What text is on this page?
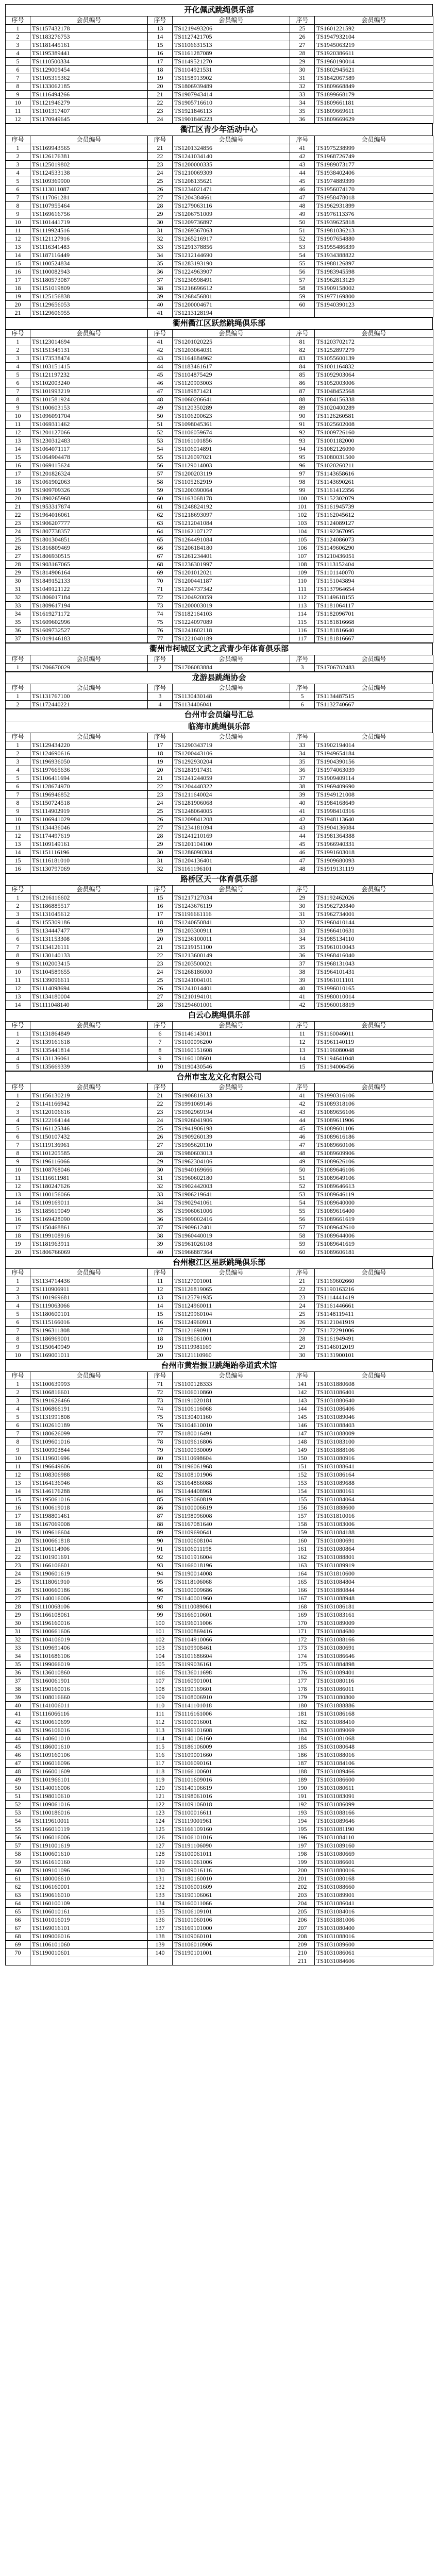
开化佩武跳绳俱乐部
序号	会员编号	序号	会员编号	序号	会员编号
1	TS1157432178	13	TS1219493206	25	TS1601221592
2	TS1183276753	14	TS1127421705	26	TS1947932104
3	TS1181445161	15	TS1106631513	27	TS1945063219
4	TS1195389441	16	TS1161287089	28	TS1920386611
5	TS1110500334	17	TS1149521270	29	TS1960190014
6	TS1129009454	18	TS1104921531	30	TS1802945621
7	TS1105315362	19	TS1158913902	31	TS1842067589
8	TS1133062185	20	TS1806939489	32	TS1809668849
9	TS1116494266	21	TS1907943414	33	TS1899668179
10	TS1121946279	22	TS1905716610	34	TS1809661181
11	TS1101317407	23	TS1921846113	35	TS1809669611
12	TS1170949645	24	TS1901846223	36	TS1809669629
衢江区青少年活动中心
序号	会员编号	序号	会员编号	序号	会员编号
1	TS1169943565	21	TS1201324856	41	TS1975238999
2	TS1126176381	22	TS1241034140	42	TS1968726749
3	TS1125019802	23	TS1200000335	43	TS1989073177
4	TS1124533138	24	TS1210069309	44	TS1938402406
5	TS1109369900	25	TS1208135621	45	TS1974889399
6	TS1113011087	26	TS1234021471	46	TS1956074170
7	TS1117061281	27	TS1204384661	47	TS1958478018
8	TS1107955464	28	TS1279063116	48	TS1962931899
9	TS1169616756	29	TS1206751009	49	TS1976113376
10	TS1101441719	30	TS1209736897	50	TS1939625818
11	TS1119924516	31	TS1269367063	51	TS1981036213
12	TS1121127916	32	TS1265216917	52	TS1907654880
13	TS1116341483	33	TS1291378856	53	TS1955486839
14	TS1187116449	34	TS1212144690	54	TS1934388822
15	TS1100524834	35	TS1283193190	55	TS1988126897
16	TS1100082943	36	TS1224963907	56	TS1983945598
17	TS1180573087	37	TS1230598491	57	TS1962813129
18	TS1151019809	38	TS1216696612	58	TS1909158002
19	TS1125156838	39	TS1268456801	59	TS1977169800
20	TS1129656053	40	TS1200004671	60	TS1940390123
21	TS1129606955	41	TS1213128194		
衢州衢江区跃然跳绳俱乐部
序号	会员编号	序号	会员编号	序号	会员编号
1	TS1123014694	41	TS1201020225	81	TS1203702172
2	TS1151345131	42	TS1203064031	82	TS1252897279
3	TS1173538474	43	TS1164684962	83	TS1055600139
4	TS1103151415	44	TS1183461617	84	TS1001164832
5	TS1121197232	45	TS1104875429	85	TS1092903064
6	TS1102003240	46	TS1120903003	86	TS1052003006
7	TS1101993219	47	TS1189871421	87	TS1048452568
8	TS1101581924	48	TS1060206641	88	TS1084156338
9	TS1100603153	49	TS1120350289	89	TS1020400289
10	TS1096091704	50	TS1106200623	90	TS1126260581
11	TS1069311462	51	TS1098045361	91	TS1025602008
12	TS1201127066	52	TS1106059674	92	TS1009726160
13	TS1230312483	53	TS1161101856	93	TS1001182000
14	TS1064071117	54	TS1106014891	94	TS1082126090
15	TS1064904478	55	TS1126097021	95	TS1080031500
16	TS1069115624	56	TS1129014003	96	TS1020260211
17	TS1201826324	57	TS1200203119	97	TS1143658616
18	TS1061902063	58	TS1105262919	98	TS1143690261
19	TS1909709326	59	TS1200390064	99	TS1161412356
20	TS1890265968	60	TS1163068178	100	TS1152302079
21	TS1953317874	61	TS1248824192	101	TS1161945739
22	TS1964016061	62	TS1218693097	102	TS1162045612
23	TS1906207777	63	TS1212041084	103	TS1124089127
24	TS1807738357	64	TS1162107127	104	TS1192367095
25	TS1801304851	65	TS1264491084	105	TS1124086073
26	TS1816809469	66	TS1206184180	106	TS1149606290
27	TS1806930515	67	TS1261234401	107	TS1210436051
28	TS1903167065	68	TS1236301997	108	TS1113152404
29	TS1814906164	69	TS1201012021	109	TS1101140070
30	TS1849152133	70	TS1200441187	110	TS1151043894
31	TS1049121122	71	TS1204737342	111	TS1137964654
32	TS1806017184	72	TS1204920059	112	TS1149618155
33	TS1809617194	73	TS1200003019	113	TS1181064117
34	TS1619271172	74	TS1182164103	114	TS1182096701
35	TS1609602996	75	TS1224097089	115	TS1181816668
36	TS1609732527	76	TS1241602118	116	TS1181816640
37	TS1019146183	77	TS1221040189	117	TS1181816667
衢州市柯城区文武之武青少年体育俱乐部
序号	会员编号	序号	会员编号	序号	会员编号
1	TS1706670029	2	TS1706083884	3	TS1706702483
龙游县跳绳协会
序号	会员编号	序号	会员编号	序号	会员编号
1	TS1131767100	3	TS1130430148	5	TS1134487515
2	TS1172440221	4	TS1134406041	6	TS1132740667
台州市会员编号汇总
临海市跳绳俱乐部
序号	会员编号	序号	会员编号	序号	会员编号
1	TS1129434220	17	TS1290343719	33	TS1902194014
2	TS1124690616	18	TS1200443106	34	TS1949654184
3	TS1196936050	19	TS1292930204	35	TS1904390156
4	TS1197665636	20	TS1281917431	36	TS1974063039
5	TS1106411694	21	TS1241244059	37	TS1909409114
6	TS1128674970	22	TS1204440322	38	TS1969409690
7	TS1196946852	23	TS1211640024	39	TS1949121008
8	TS1150724518	24	TS1281906068	40	TS1984168649
9	TS1114902919	25	TS1248064005	41	TS1998410316
10	TS1106941029	26	TS1209841208	42	TS1948113640
11	TS1134436046	27	TS1234181094	43	TS1904136084
12	TS1174497619	28	TS1241210169	44	TS1981364388
13	TS1109149161	29	TS1201104100	45	TS1966940331
14	TS1151116196	30	TS1286090304	46	TS1991603018
15	TS1116181010	31	TS1204136401	47	TS1909680093
16	TS1130797069	32	TS1161196101	48	TS1919131119
路桥区天一体育俱乐部
序号	会员编号	序号	会员编号	序号	会员编号
1	TS1216116602	15	TS1217127034	29	TS1192462026
2	TS1186885517	16	TS1243676119	30	TS1962720840
3	TS1131045612	17	TS1196661116	31	TS1962734001
4	TS1155309186	18	TS1240650841	32	TS1960410144
5	TS1134447477	19	TS1203300911	33	TS1966410631
6	TS1131153308	20	TS1236100011	34	TS1985134110
7	TS1134126111	21	TS1219151100	35	TS1961010043
8	TS1130140133	22	TS1213600149	36	TS1968416040
9	TS1102003415	23	TS1203500021	37	TS1968131043
10	TS1104589655	24	TS1268186000	38	TS1964101431
11	TS1139096611	25	TS1241004101	39	TS1961011101
12	TS1114098694	26	TS1241014401	40	TS1996010165
13	TS1134180004	27	TS1210194101	41	TS1980010014
14	TS1111048140	28	TS1294601001	42	TS1960018819
白云心跳绳俱乐部
序号	会员编号	序号	会员编号	序号	会员编号
1	TS1131864849	6	TS1146143011	11	TS1160046011
2	TS1139161618	7	TS1100096200	12	TS1961140119
3	TS1135441814	8	TS1160151608	13	TS1196080048
4	TS1131136061	9	TS1160108601	14	TS1194641048
5	TS1135669339	10	TS1190430546	15	TS1194006456
台州市宝龙文化有限公司
序号	会员编号	序号	会员编号	序号	会员编号
1	TS1156130219	21	TS1906816133	41	TS1990316106
2	TS1141166942	22	TS1991069146	42	TS1089318106
3	TS1120106616	23	TS1902969194	43	TS1089656106
4	TS1122164144	24	TS1926041906	44	TS1089611906
5	TS1161125346	25	TS1941906198	45	TS1089601106
6	TS1150107432	26	TS1909260139	46	TS1089616186
7	TS1119136961	27	TS1905620110	47	TS1089660106
8	TS1101205585	28	TS1980603013	48	TS1089609906
9	TS1196116066	29	TS1962304106	49	TS1089626106
10	TS1108768046	30	TS1940169666	50	TS1089646106
11	TS1116611981	31	TS1960602180	51	TS1089649106
12	TS1180247626	32	TS1902442003	52	TS1089646613
13	TS1100156066	33	TS1906219641	53	TS1089646119
14	TS1109169011	34	TS1902941061	54	TS1089640000
15	TS1185619049	35	TS1906061006	55	TS1089616400
16	TS1169428090	36	TS1909002416	56	TS1089661619
17	TS1150468861	37	TS1909612401	57	TS1089642610
18	TS1199108916	38	TS1960440019	58	TS1089644006
19	TS1181963911	39	TS1961026108	59	TS1089641619
20	TS1806766069	40	TS1966887364	60	TS1089606181
台州椒江区星跃跳绳俱乐部
序号	会员编号	序号	会员编号	序号	会员编号
1	TS1134714436	11	TS1127001001	21	TS1169602660
2	TS1110906911	12	TS1126819065	22	TS1190163216
3	TS1101969681	13	TS1125791935	23	TS1114441419
4	TS1119063066	14	TS1124960011	24	TS1161446661
5	TS1180600101	15	TS1129960104	25	TS1148119411
6	TS1115166016	16	TS1124960911	26	TS1121041919
7	TS1196311808	17	TS1121690911	27	TS1172291006
8	TS1186969001	18	TS1196061001	28	TS1161949491
9	TS1150649949	19	TS1119981169	29	TS1146012019
10	TS1169001011	20	TS1121110960	30	TS1131900101
台州市黄岩振卫跳绳跆拳道武术馆
序号	会员编号	序号	会员编号	序号	会员编号
1	TS1100639993	71	TS1100128333	141	TS1031880608
2	TS1106816601	72	TS1106010860	142	TS1031086401
3	TS1191626466	73	TS1191020181	143	TS1031880640
4	TS1106866191	74	TS1106116068	144	TS1031086406
5	TS1131991808	75	TS1130401160	145	TS1031089046
6	TS1102610189	76	TS1104610010	146	TS1031088403
7	TS1180626099	77	TS1180016491	147	TS1031088009
8	TS1109601016	78	TS1109616806	148	TS1031083100
9	TS1100903844	79	TS1100930009	149	TS1031888106
10	TS1119601696	80	TS1110698604	150	TS1031080916
11	TS1196649606	81	TS1196061968	151	TS1031088641
12	TS1108306988	82	TS1108101906	152	TS1031086164
13	TS1164136946	83	TS1164866088	153	TS1031089688
14	TS1146176288	84	TS1144408961	154	TS1031080161
15	TS1195061016	85	TS1195060819	155	TS1031084064
16	TS1100619018	86	TS1100006619	156	TS1031888600
17	TS1198801461	87	TS1198096008	157	TS1031810016
18	TS1167069008	88	TS1167081640	158	TS1031083006
19	TS1109616604	89	TS1109690641	159	TS1031084188
20	TS1100661818	90	TS1100608104	160	TS1031080691
21	TS1106114906	91	TS1106011198	161	TS1031080864
22	TS1101901691	92	TS1101916004	162	TS1031088801
23	TS1166106601	93	TS1166018196	163	TS1031089919
24	TS1190601619	94	TS1190014008	164	TS1031810600
25	TS1118061910	95	TS1118106068	165	TS1031084804
26	TS1100660186	96	TS1100009686	166	TS1031880844
27	TS1140016006	97	TS1140001960	167	TS1031088948
28	TS1110068106	98	TS1110089061	168	TS1031086181
29	TS1166108061	99	TS1166010601	169	TS1031083161
30	TS1196160016	100	TS1196011006	170	TS1031089009
31	TS1100661606	101	TS1100869416	171	TS1031084680
32	TS1104106019	102	TS1104910066	172	TS1031088166
33	TS1109691406	103	TS1109908461	173	TS1031080691
34	TS1101686106	104	TS1101686604	174	TS1031086646
35	TS1199066019	105	TS1199036161	175	TS1031884898
36	TS1136010860	106	TS1136011698	176	TS1031089401
37	TS1160061901	107	TS1160901001	177	TS1031080116
38	TS1190160016	108	TS1190169601	178	TS1031086011
39	TS1108016660	109	TS1108006910	179	TS1031080800
40	TS1141006011	110	TS1141101018	180	TS1031888886
41	TS1116066116	111	TS1116161006	181	TS1031086168
42	TS1100610699	112	TS1100016001	182	TS1031088410
43	TS1196106016	113	TS1196101608	183	TS1031089069
44	TS1140601010	114	TS1140106160	184	TS1031081068
45	TS1186001610	115	TS1186106009	185	TS1031080648
46	TS1109160106	116	TS1109001660	186	TS1031088016
47	TS1106016096	117	TS1106090161	187	TS1031084106
48	TS1166001609	118	TS1166100601	188	TS1031089466
49	TS1101966101	119	TS1101609016	189	TS1031086600
50	TS1140016006	120	TS1140106619	190	TS1031080611
51	TS1198010610	121	TS1198061016	191	TS1031083091
52	TS1109061016	122	TS1109106018	192	TS1031086099
53	TS1100186016	123	TS1100016611	193	TS1031088166
54	TS1119610011	124	TS1119001961	194	TS1031089646
55	TS1166010119	125	TS1166109160	195	TS1031081190
56	TS1106016006	126	TS1106101016	196	TS1031084110
57	TS1191001619	127	TS1191106090	197	TS1031089160
58	TS1100601610	128	TS1100061011	198	TS1031080669
59	TS1161610160	129	TS1161061006	199	TS1031086601
60	TS1109101096	130	TS1109016116	200	TS1031880016
61	TS1180006610	131	TS1180160010	201	TS1031080168
62	TS1106160001	132	TS1106001609	202	TS1031088660
63	TS1190616010	133	TS1190106061	203	TS1031089901
64	TS1160100109	134	TS1160011066	204	TS1031086041
65	TS1106010161	135	TS1106109101	205	TS1031084016
66	TS1101016019	136	TS1101060106	206	TS1031881006
67	TS1169016101	137	TS1169101000	207	TS1031080400
68	TS1109006016	138	TS1109060101	208	TS1031088016
69	TS1106101060	139	TS1106010906	209	TS1031089600
70	TS1190010601	140	TS1190101001	210	TS1031086061
				211	TS1031084606
